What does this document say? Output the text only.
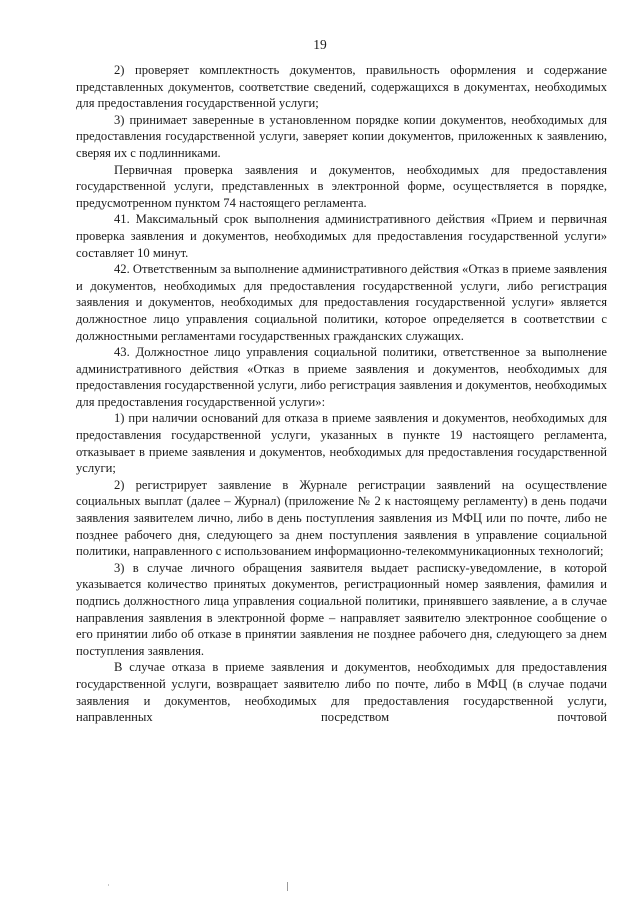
19

2) проверяет комплектность документов, правильность оформления и содержание представленных документов, соответствие сведений, содержащихся в документах, необходимых для предоставления государственной услуги;

3) принимает заверенные в установленном порядке копии документов, необходимых для предоставления государственной услуги, заверяет копии документов, приложенных к заявлению, сверяя их с подлинниками.

Первичная проверка заявления и документов, необходимых для предоставления государственной услуги, представленных в электронной форме, осуществляется в порядке, предусмотренном пунктом 74 настоящего регламента.

41. Максимальный срок выполнения административного действия «Прием и первичная проверка заявления и документов, необходимых для предоставления государственной услуги» составляет 10 минут.

42. Ответственным за выполнение административного действия «Отказ в приеме заявления и документов, необходимых для предоставления государственной услуги, либо регистрация заявления и документов, необходимых для предоставления государственной услуги» является должностное лицо управления социальной политики, которое определяется в соответствии с должностными регламентами государственных гражданских служащих.

43. Должностное лицо управления социальной политики, ответственное за выполнение административного действия «Отказ в приеме заявления и документов, необходимых для предоставления государственной услуги, либо регистрация заявления и документов, необходимых для предоставления государственной услуги»:

1) при наличии оснований для отказа в приеме заявления и документов, необходимых для предоставления государственной услуги, указанных в пункте 19 настоящего регламента, отказывает в приеме заявления и документов, необходимых для предоставления государственной услуги;

2) регистрирует заявление в Журнале регистрации заявлений на осуществление социальных выплат (далее – Журнал) (приложение № 2 к настоящему регламенту) в день подачи заявления заявителем лично, либо в день поступления заявления из МФЦ или по почте, либо не позднее рабочего дня, следующего за днем поступления заявления в управление социальной политики, направленного с использованием информационно-телекоммуникационных технологий;

3) в случае личного обращения заявителя выдает расписку-уведомление, в которой указывается количество принятых документов, регистрационный номер заявления, фамилия и подпись должностного лица управления социальной политики, принявшего заявление, а в случае направления заявления в электронной форме – направляет заявителю электронное сообщение о его принятии либо об отказе в принятии заявления не позднее рабочего дня, следующего за днем поступления заявления.

В случае отказа в приеме заявления и документов, необходимых для предоставления государственной услуги, возвращает заявителю либо по почте, либо в МФЦ (в случае подачи заявления и документов, необходимых для предоставления государственной услуги, направленных посредством почтовой
